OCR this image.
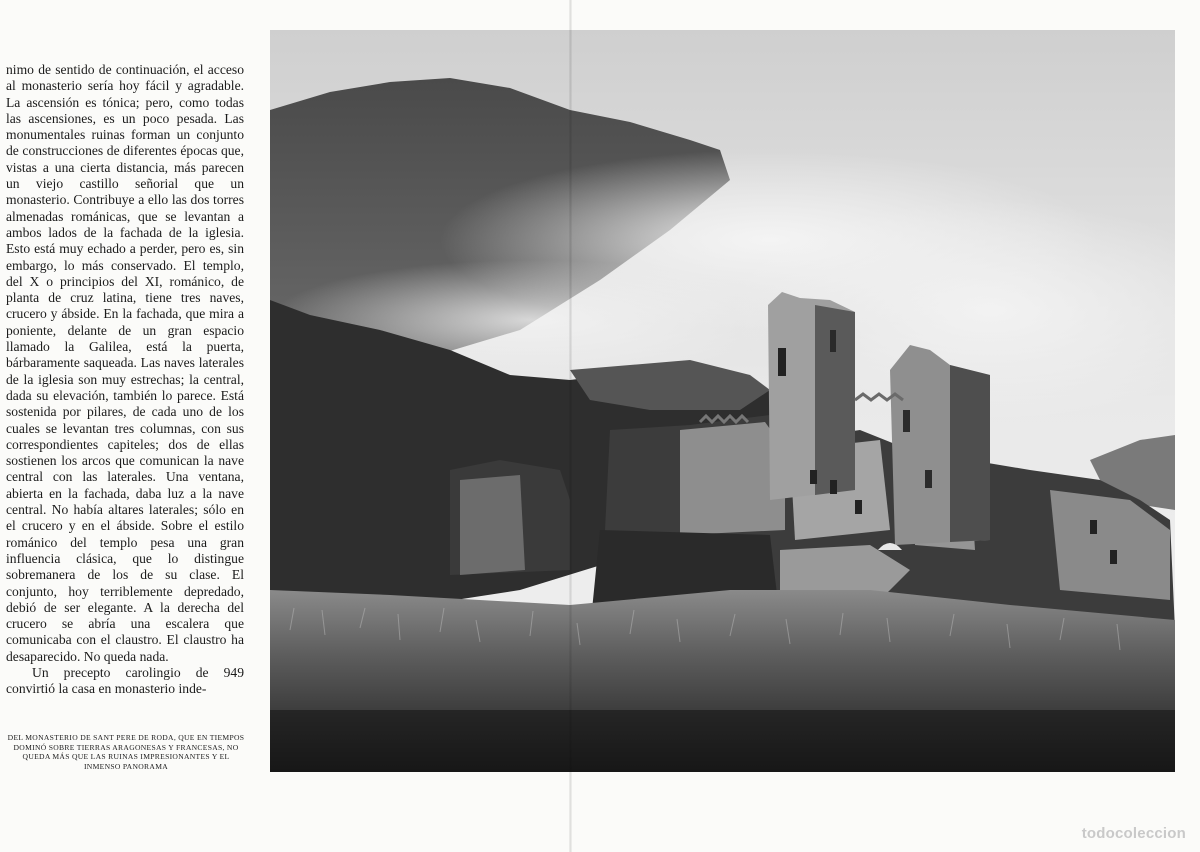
nimo de sentido de continuación, el acceso al monasterio sería hoy fácil y agradable. La ascensión es tónica; pero, como todas las ascensiones, es un poco pesada. Las monumentales ruinas forman un conjunto de construcciones de diferentes épocas que, vistas a una cierta distancia, más parecen un viejo castillo señorial que un monasterio. Contribuye a ello las dos torres almenadas románicas, que se levantan a ambos lados de la fachada de la iglesia. Esto está muy echado a perder, pero es, sin embargo, lo más conservado. El templo, del X o principios del XI, románico, de planta de cruz latina, tiene tres naves, crucero y ábside. En la fachada, que mira a poniente, delante de un gran espacio llamado la Galilea, está la puerta, bárbaramente saqueada. Las naves laterales de la iglesia son muy estrechas; la central, dada su elevación, también lo parece. Está sostenida por pilares, de cada uno de los cuales se levantan tres columnas, con sus correspondientes capiteles; dos de ellas sostienen los arcos que comunican la nave central con las laterales. Una ventana, abierta en la fachada, daba luz a la nave central. No había altares laterales; sólo en el crucero y en el ábside. Sobre el estilo románico del templo pesa una gran influencia clásica, que lo distingue sobremanera de los de su clase. El conjunto, hoy terriblemente depredado, debió de ser elegante. A la derecha del crucero se abría una escalera que comunicaba con el claustro. El claustro ha desaparecido. No queda nada.

Un precepto carolingio de 949 convirtió la casa en monasterio inde-

DEL MONASTERIO DE SANT PERE DE RODA, QUE EN TIEMPOS DOMINÓ SOBRE TIERRAS ARAGONESAS Y FRANCESAS, NO QUEDA MÁS QUE LAS RUINAS IMPRESIONANTES Y EL INMENSO PANORAMA
todocoleccion
